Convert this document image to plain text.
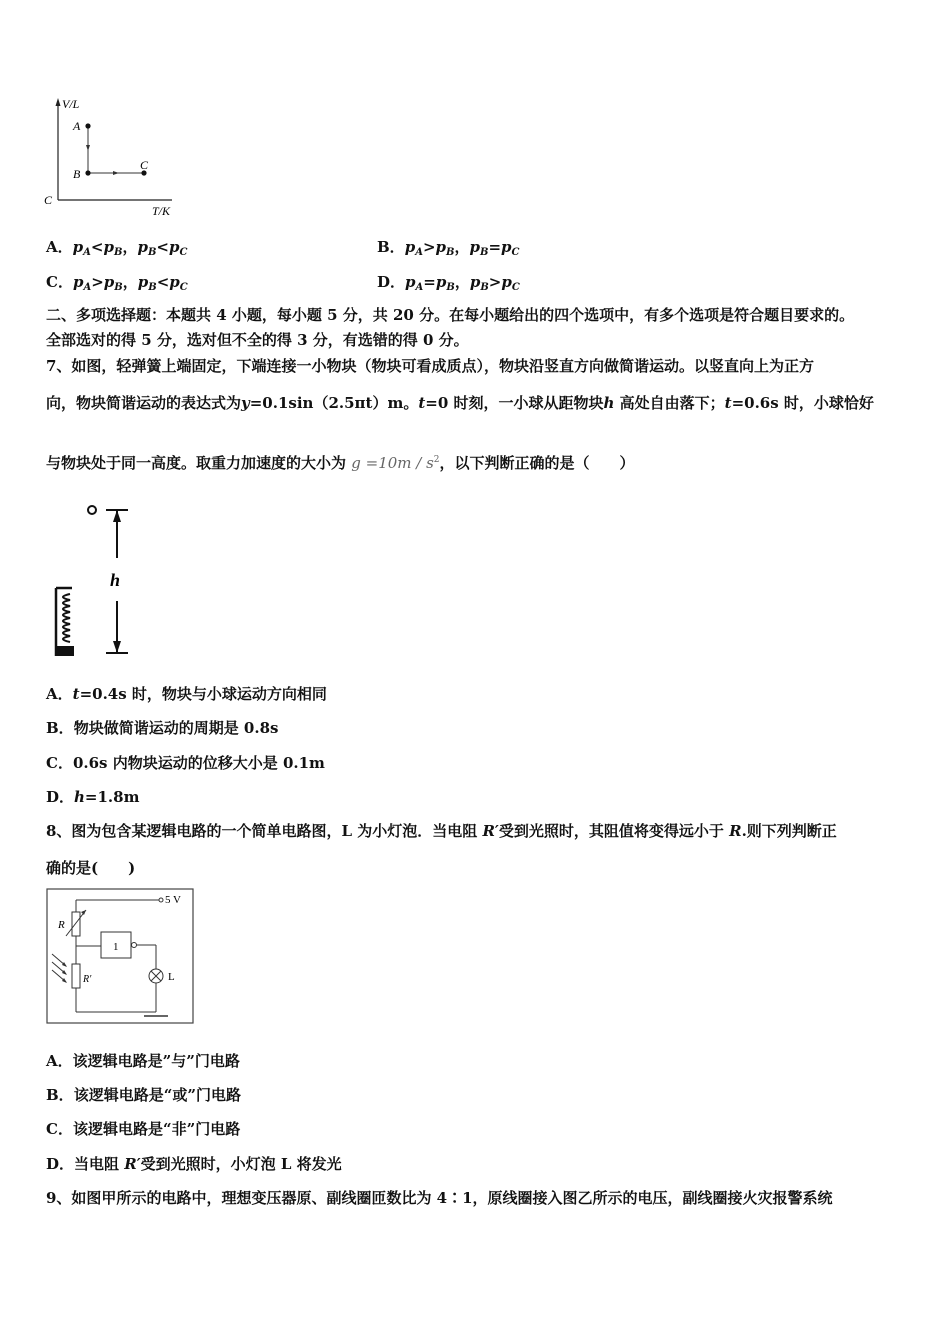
V/L
T/K
C
A
B
C
A．$p_A<p_B$，$p_B<p_C$	B．$p_A>p_B$，$p_B=p_C$
C．$p_A>p_B$，$p_B<p_C$	D．$p_A=p_B$，$p_B>p_C$
二、多项选择题：本题共 4 小题，每小题 5 分，共 20 分。在每小题给出的四个选项中，有多个选项是符合题目要求的。
全部选对的得 5 分，选对但不全的得 3 分，有选错的得 0 分。
7、如图，轻弹簧上端固定，下端连接一小物块（物块可看成质点），物块沿竖直方向做简谐运动。以竖直向上为正方
向，物块简谐运动的表达式为y=0.1sin（2.5πt）m。t=0 时刻，一小球从距物块h 高处自由落下；t=0.6s 时，小球恰好
与物块处于同一高度。取重力加速度的大小为 $g =10m / s^2$，以下判断正确的是（　　）
h
A．t=0.4s 时，物块与小球运动方向相同
B．物块做简谐运动的周期是 0.8s
C．0.6s 内物块运动的位移大小是 0.1m
D．h=1.8m
8、图为包含某逻辑电路的一个简单电路图，L 为小灯泡．当电阻 R′受到光照时，其阻值将变得远小于 R.则下列判断正
确的是(　　)
5 V
R
1
L
R′
A．该逻辑电路是”与”门电路
B．该逻辑电路是“或”门电路
C．该逻辑电路是“非”门电路
D．当电阻 R′受到光照时，小灯泡 L 将发光
9、如图甲所示的电路中，理想变压器原、副线圈匝数比为 4∶1，原线圈接入图乙所示的电压，副线圈接火灾报警系统
